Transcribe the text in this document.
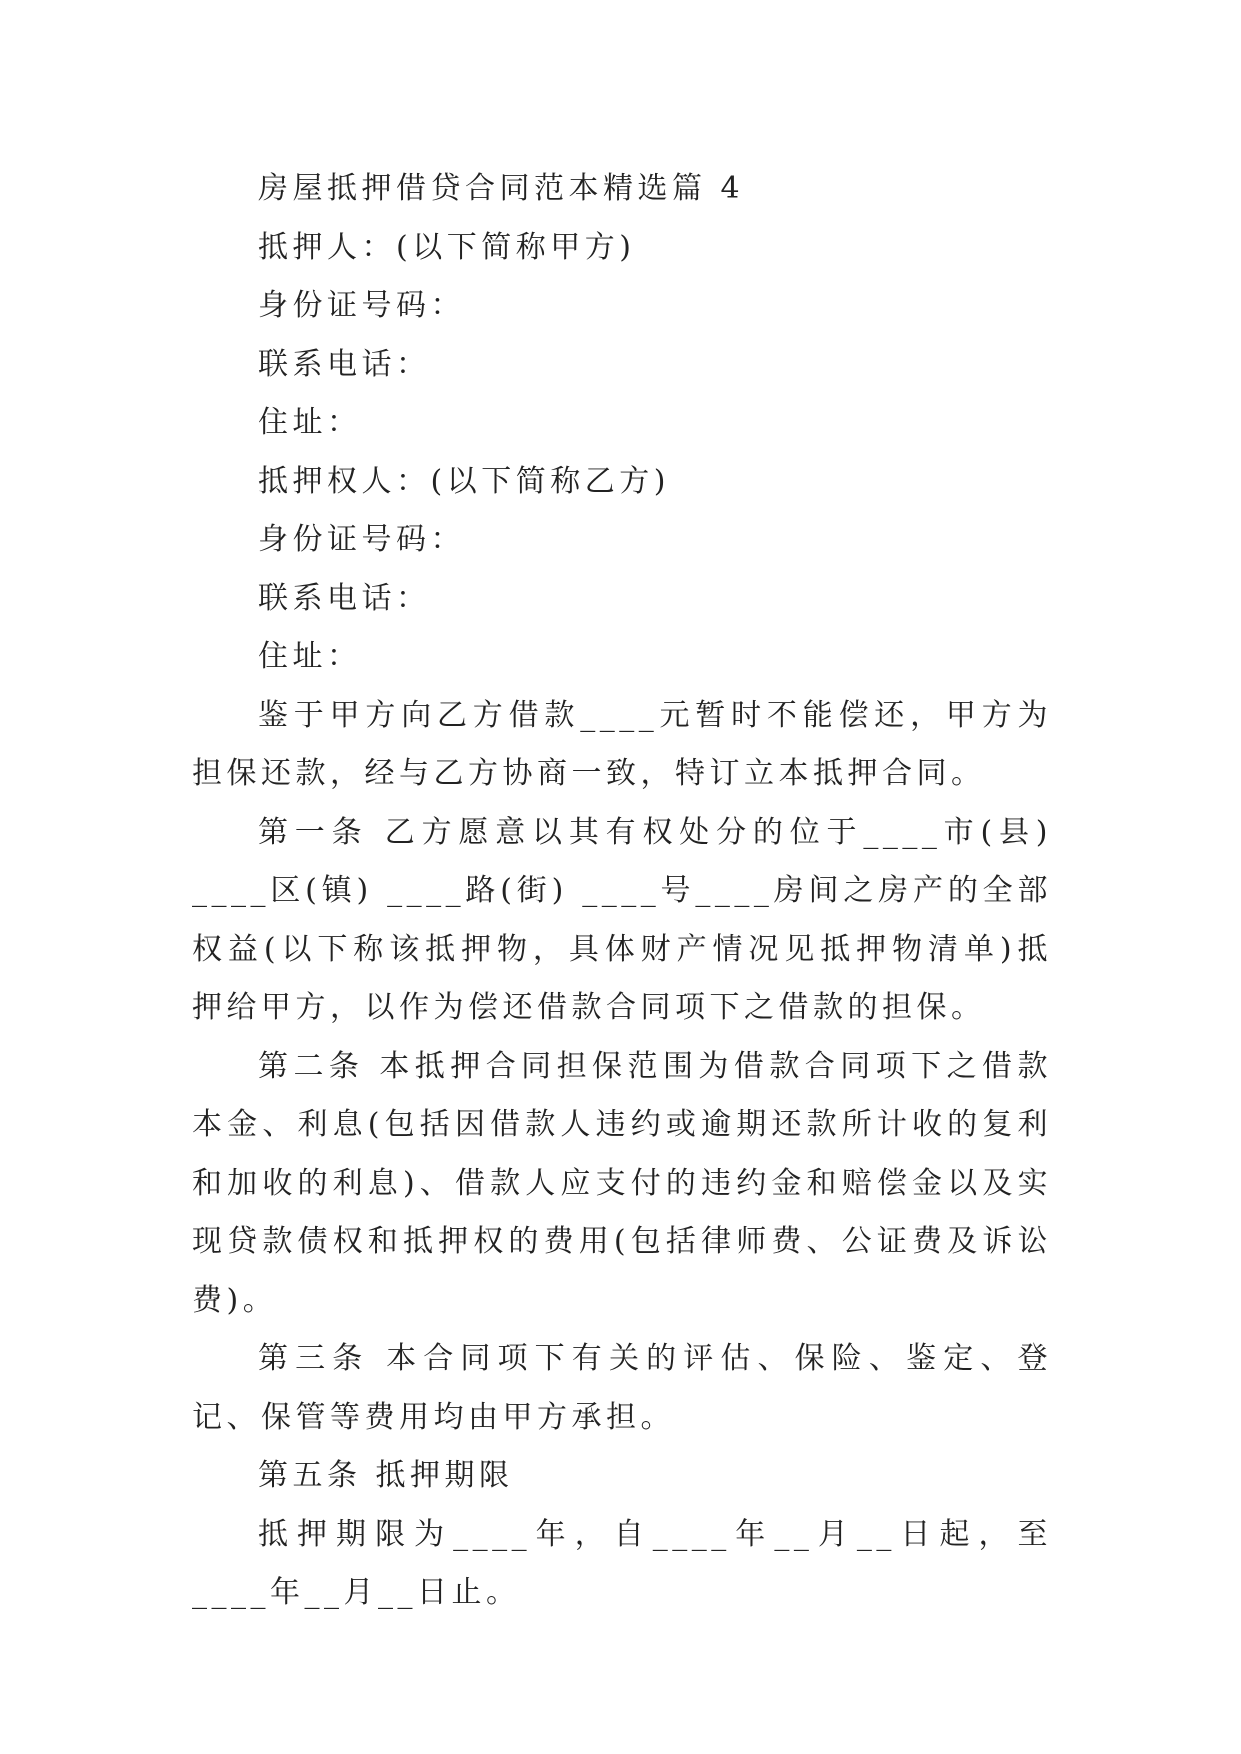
房屋抵押借贷合同范本精选篇 4

抵押人：(以下简称甲方)

身份证号码：

联系电话：

住址：

抵押权人：(以下简称乙方)

身份证号码：

联系电话：

住址：

鉴于甲方向乙方借款____元暂时不能偿还，甲方为担保还款，经与乙方协商一致，特订立本抵押合同。

第一条 乙方愿意以其有权处分的位于____市(县) ____区(镇) ____路(街) ____号____房间之房产的全部权益(以下称该抵押物，具体财产情况见抵押物清单)抵押给甲方，以作为偿还借款合同项下之借款的担保。

第二条 本抵押合同担保范围为借款合同项下之借款本金、利息(包括因借款人违约或逾期还款所计收的复利和加收的利息)、借款人应支付的违约金和赔偿金以及实现贷款债权和抵押权的费用(包括律师费、公证费及诉讼费)。

第三条 本合同项下有关的评估、保险、鉴定、登记、保管等费用均由甲方承担。

第五条 抵押期限

抵押期限为____年，自____年__月__日起，至____年__月__日止。
